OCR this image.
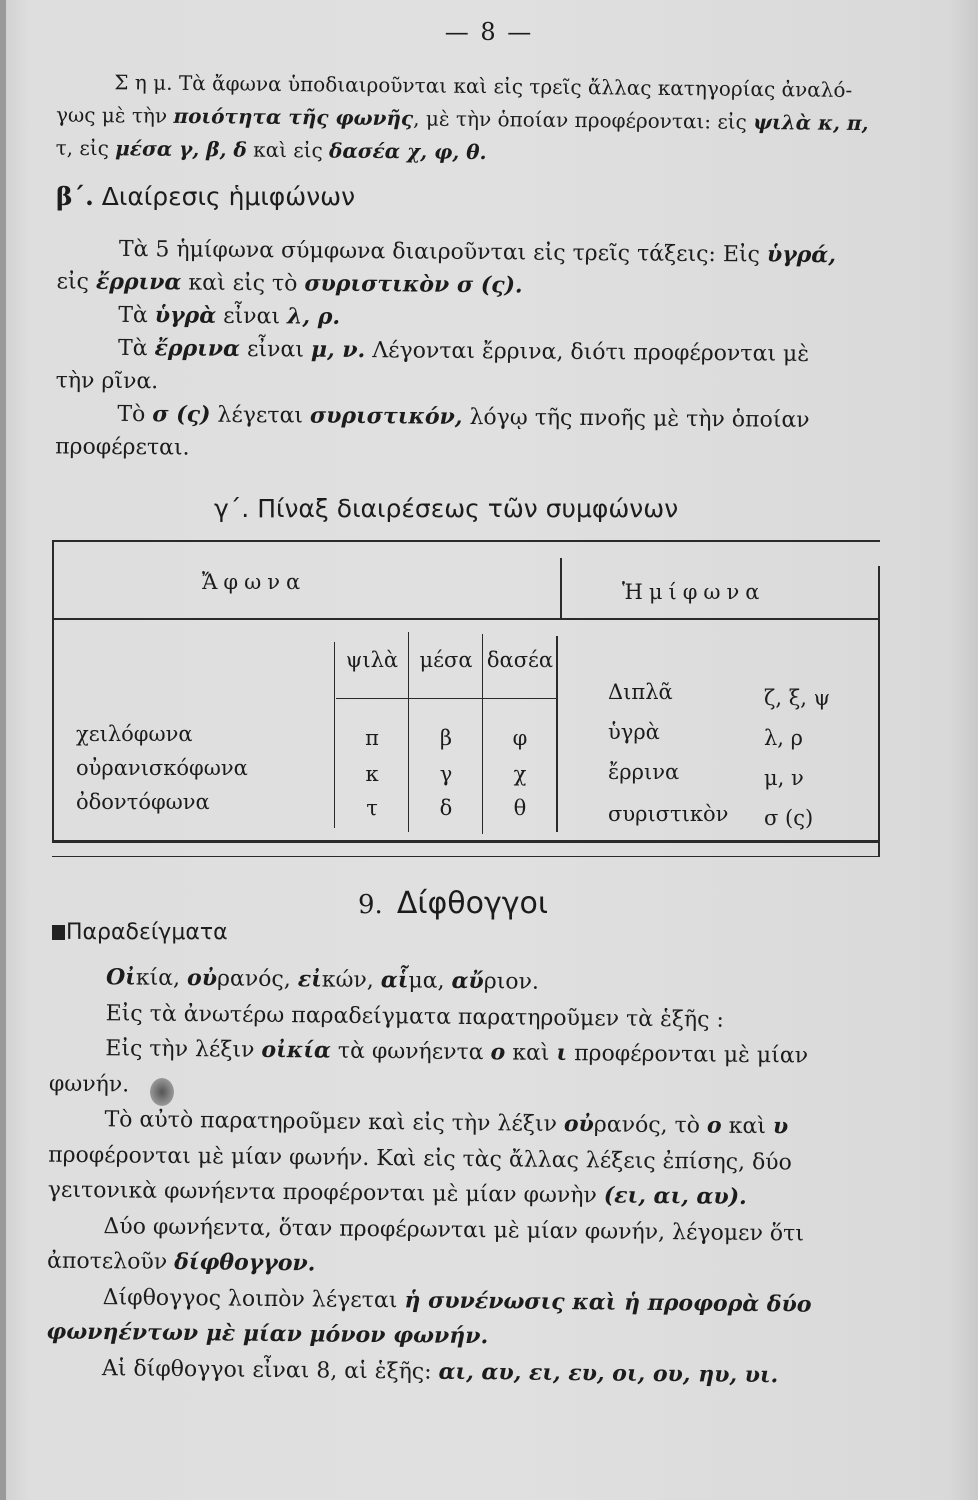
— 8 —

Σ η μ. Τὰ ἄφωνα ὑποδιαιροῦνται καὶ εἰς τρεῖς ἄλλας κατηγορίας ἀναλό-

γως μὲ τὴν ποιότητα τῆς φωνῆς, μὲ τὴν ὁποίαν προφέρονται: εἰς ψιλὰ κ, π,

τ, εἰς μέσα γ, β, δ καὶ εἰς δασέα χ, φ, θ.

β΄. Διαίρεσις ἡμιφώνων

Τὰ 5 ἡμίφωνα σύμφωνα διαιροῦνται εἰς τρεῖς τάξεις: Εἰς ὑγρά,

εἰς ἔρρινα καὶ εἰς τὸ συριστικὸν σ (ς).

Τὰ ὑγρὰ εἶναι λ, ρ.

Τὰ ἔρρινα εἶναι μ, ν. Λέγονται ἔρρινα, διότι προφέρονται μὲ

τὴν ρῖνα.

Τὸ σ (ς) λέγεται συριστικόν, λόγῳ τῆς πνοῆς μὲ τὴν ὁποίαν

προφέρεται.

γ΄. Πίναξ διαιρέσεως τῶν συμφώνων
Ἄφωνα	Ἡμίφωνα
ψιλὰ	μέσα δασέα
χειλόφωνα	π	β	φ
οὐρανισκόφωνα	κ	γ	χ
ὀδοντόφωνα	τ	δ	θ
Διπλᾶ	ζ, ξ, ψ
ὑγρὰ	λ, ρ
ἔρρινα	μ, ν
συριστικὸν σ (ς)
9. Δίφθογγοι
Παραδείγματα

Οἰκία, οὐρανός, εἰκών, αἷμα, αὔριον.

Εἰς τὰ ἀνωτέρω παραδείγματα παρατηροῦμεν τὰ ἑξῆς :

Εἰς τὴν λέξιν οἰκία τὰ φωνήεντα ο καὶ ι προφέρονται μὲ μίαν

φωνήν.

Τὸ αὐτὸ παρατηροῦμεν καὶ εἰς τὴν λέξιν οὐρανός, τὸ ο καὶ υ

προφέρονται μὲ μίαν φωνήν. Καὶ εἰς τὰς ἄλλας λέξεις ἐπίσης, δύο

γειτονικὰ φωνήεντα προφέρονται μὲ μίαν φωνὴν (ει, αι, αυ).

Δύο φωνήεντα, ὅταν προφέρωνται μὲ μίαν φωνήν, λέγομεν ὅτι

ἀποτελοῦν δίφθογγον.

Δίφθογγος λοιπὸν λέγεται ἡ συνένωσις καὶ ἡ προφορὰ δύο

φωνηέντων μὲ μίαν μόνον φωνήν.

Αἱ δίφθογγοι εἶναι 8, αἱ ἑξῆς: αι, αυ, ει, ευ, οι, ου, ηυ, υι.
